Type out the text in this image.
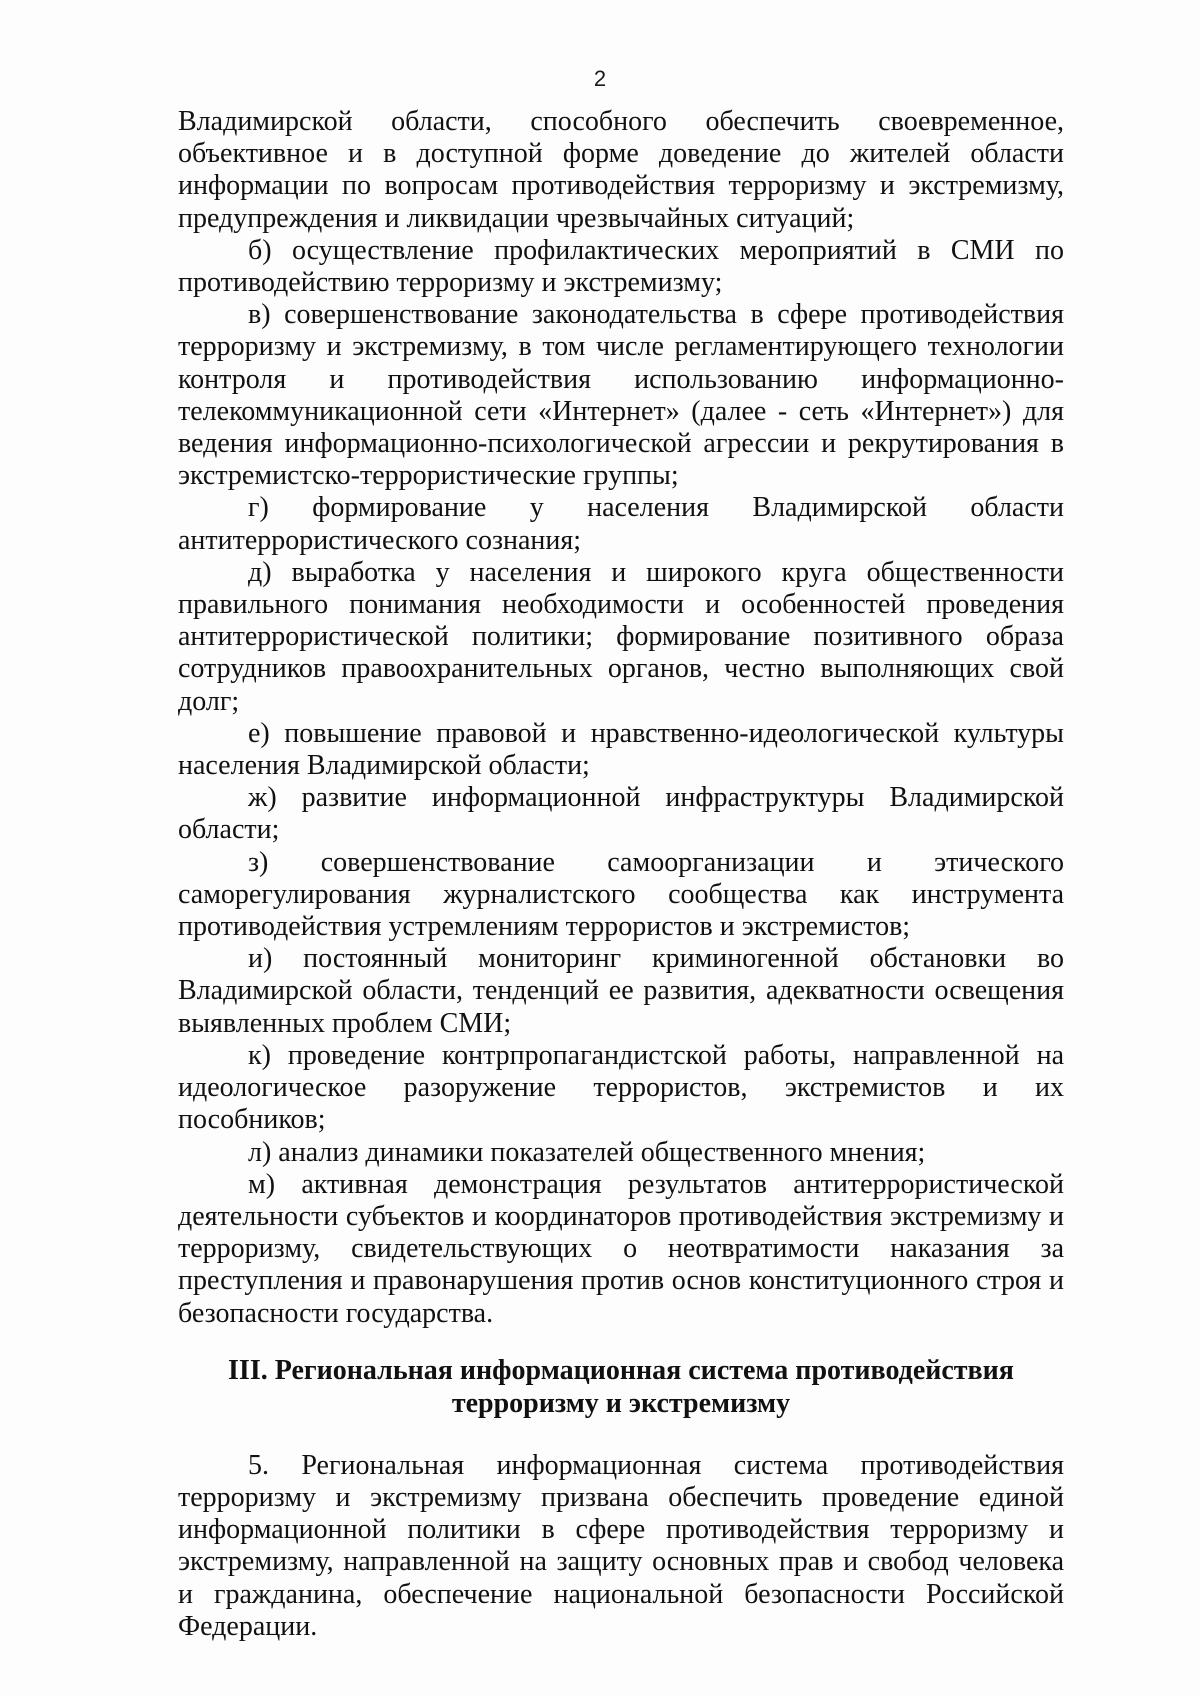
2

Владимирской области, способного обеспечить своевременное, объективное и в доступной форме доведение до жителей области информации по вопросам противодействия терроризму и экстремизму, предупреждения и ликвидации чрезвычайных ситуаций;

б) осуществление профилактических мероприятий в СМИ по противодействию терроризму и экстремизму;

в) совершенствование законодательства в сфере противодействия терроризму и экстремизму, в том числе регламентирующего технологии контроля и противодействия использованию информационно-телекоммуникационной сети «Интернет» (далее - сеть «Интернет») для ведения информационно-психологической агрессии и рекрутирования в экстремистско-террористические группы;

г) формирование у населения Владимирской области антитеррористического сознания;

д) выработка у населения и широкого круга общественности правильного понимания необходимости и особенностей проведения антитеррористической политики; формирование позитивного образа сотрудников правоохранительных органов, честно выполняющих свой долг;

е) повышение правовой и нравственно-идеологической культуры населения Владимирской области;

ж) развитие информационной инфраструктуры Владимирской области;

з) совершенствование самоорганизации и этического саморегулирования журналистского сообщества как инструмента противодействия устремлениям террористов и экстремистов;

и) постоянный мониторинг криминогенной обстановки во Владимирской области, тенденций ее развития, адекватности освещения выявленных проблем СМИ;

к) проведение контрпропагандистской работы, направленной на идеологическое разоружение террористов, экстремистов и их пособников;

л) анализ динамики показателей общественного мнения;

м) активная демонстрация результатов антитеррористической деятельности субъектов и координаторов противодействия экстремизму и терроризму, свидетельствующих о неотвратимости наказания за преступления и правонарушения против основ конституционного строя и безопасности государства.

III. Региональная информационная система противодействия
терроризму и экстремизму

5. Региональная информационная система противодействия терроризму и экстремизму призвана обеспечить проведение единой информационной политики в сфере противодействия терроризму и экстремизму, направленной на защиту основных прав и свобод человека и гражданина, обеспечение национальной безопасности Российской Федерации.
